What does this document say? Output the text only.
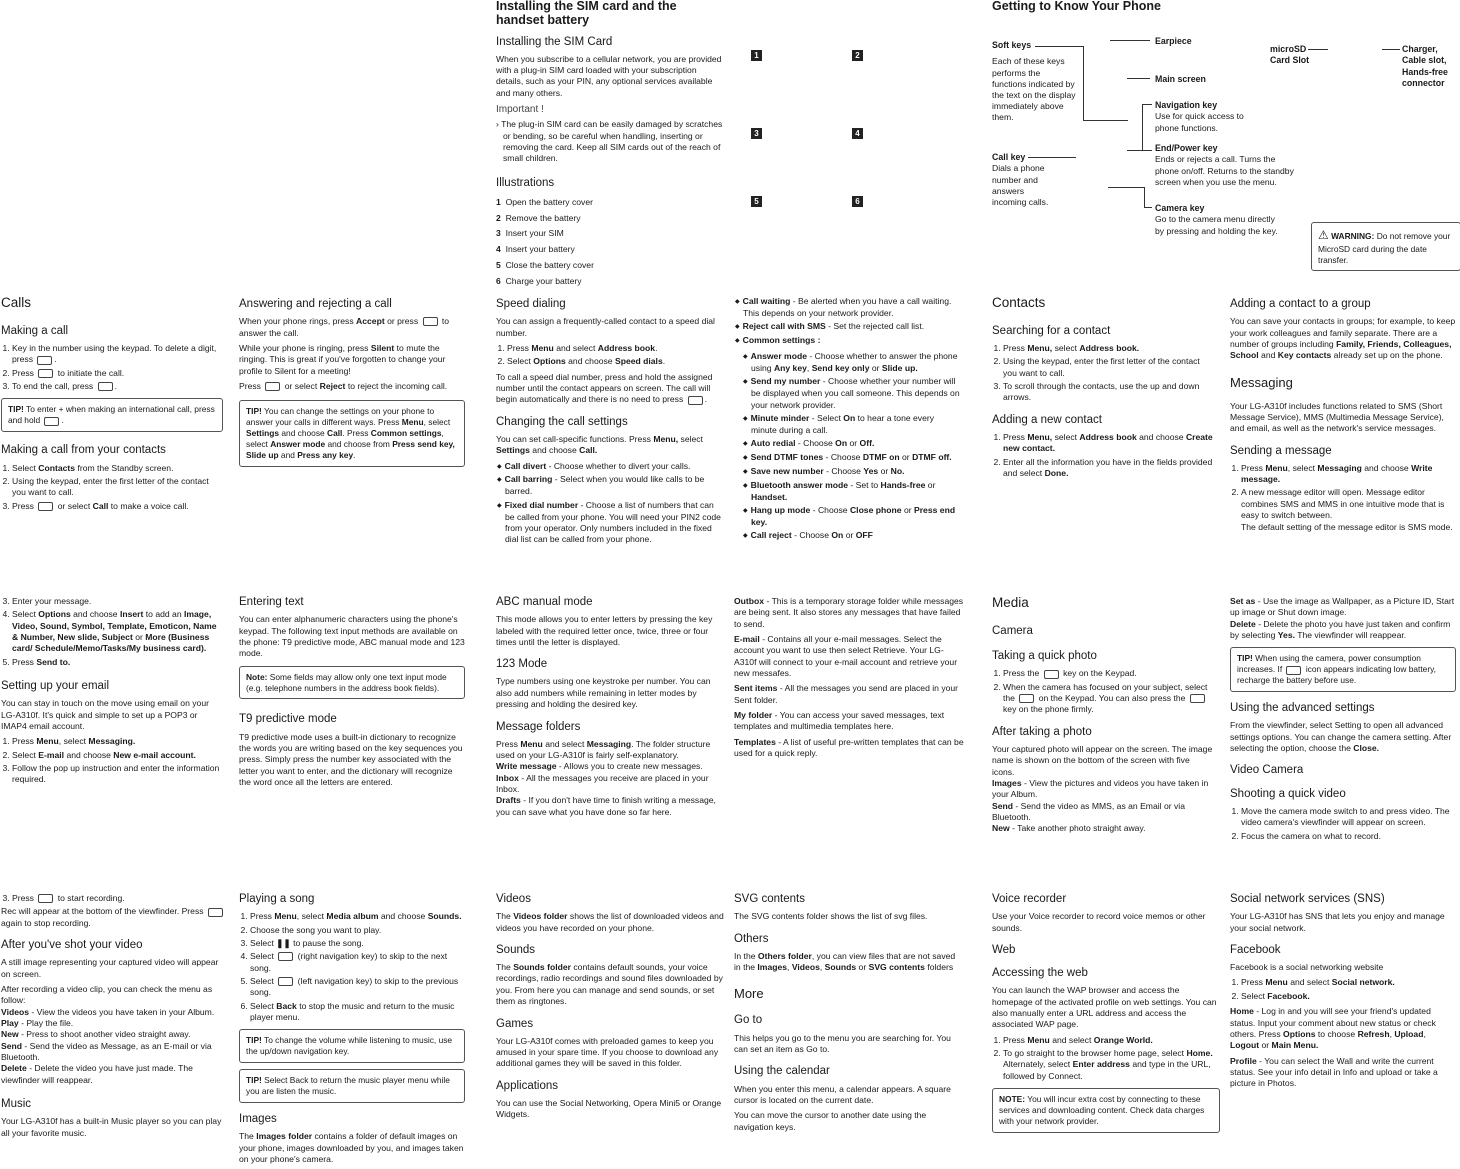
Installing the SIM card and the handset battery
Installing the SIM Card

When you subscribe to a cellular network, you are provided with a plug-in SIM card loaded with your subscription details, such as your PIN, any optional services available and many others.

Important !

› The plug-in SIM card can be easily damaged by scratches or bending, so be careful when handling, inserting or removing the card. Keep all SIM cards out of the reach of small children.

Illustrations
1 Open the battery cover
2 Remove the battery
3 Insert your SIM
4 Insert your battery
5 Close the battery cover
6 Charge your battery
1	2
3	4
5	6
Getting to Know Your Phone
Soft keys

Each of these keys performs the functions indicated by the text on the display immediately above them.
Call key
Dials a phone number and answers incoming calls.
Earpiece
Main screen
Navigation key
Use for quick access to phone functions.
End/Power key
Ends or rejects a call. Turns the phone on/off. Returns to the standby screen when you use the menu.
Camera key
Go to the camera menu directly by pressing and holding the key.
microSD Card Slot
Charger, Cable slot, Hands-free connector
⚠ WARNING: Do not remove your MicroSD card during the date transfer.
Calls
Making a call
1. Key in the number using the keypad. To delete a digit, press .
2. Press	to initiate the call.
3. To end the call, press .
TIP! To enter + when making an international call, press and hold	.
Making a call from your contacts
1. Select Contacts from the Standby screen.
2. Using the keypad, enter the first letter of the contact you want to call.
3. Press	or select Call to make a voice call.
Answering and rejecting a call

When your phone rings, press Accept or press	to answer the call.

While your phone is ringing, press Silent to mute the ringing. This is great if you've forgotten to change your profile to Silent for a meeting!

Press	or select Reject to reject the incoming call.

TIP! You can change the settings on your phone to answer your calls in different ways. Press Menu, select Settings and choose Call. Press Common settings, select Answer mode and choose from Press send key, Slide up and Press any key.
Speed dialing

You can assign a frequently-called contact to a speed dial number.

1. Press Menu and select Address book.
2. Select Options and choose Speed dials.

To call a speed dial number, press and hold the assigned number until the contact appears on screen. The call will begin automatically and there is no need to press .

Changing the call settings

You can set call-specific functions. Press Menu, select Settings and choose Call.

◆ Call divert - Choose whether to divert your calls.
◆ Call barring - Select when you would like calls to be barred.
◆ Fixed dial number - Choose a list of numbers that can be called from your phone. You will need your PIN2 code from your operator. Only numbers included in the fixed dial list can be called from your phone.
◆ Call waiting - Be alerted when you have a call waiting. This depends on your network provider.
◆ Reject call with SMS - Set the rejected call list.
◆ Common settings :
◆ Answer mode - Choose whether to answer the phone using Any key, Send key only or Slide up.
◆ Send my number - Choose whether your number will be displayed when you call someone. This depends on your network provider.
◆ Minute minder - Select On to hear a tone every minute during a call.
◆ Auto redial - Choose On or Off.
◆ Send DTMF tones - Choose DTMF on or DTMF off.
◆ Save new number - Choose Yes or No.
◆ Bluetooth answer mode - Set to Hands-free or Handset.
◆ Hang up mode - Choose Close phone or Press end key.
◆ Call reject - Choose On or OFF
Contacts
Searching for a contact
1. Press Menu, select Address book.
2. Using the keypad, enter the first letter of the contact you want to call.
3. To scroll through the contacts, use the up and down arrows.
Adding a new contact
1. Press Menu, select Address book and choose Create new contact.
2. Enter all the information you have in the fields provided and select Done.
Adding a contact to a group

You can save your contacts in groups; for example, to keep your work colleagues and family separate. There are a number of groups including Family, Friends, Colleagues, School and Key contacts already set up on the phone.

Messaging

Your LG-A310f includes functions related to SMS (Short Message Service), MMS (Multimedia Message Service), and email, as well as the network's service messages.

Sending a message
1. Press Menu, select Messaging and choose Write message.
2. A new message editor will open. Message editor combines SMS and MMS in one intuitive mode that is easy to switch between.
The default setting of the message editor is SMS mode.
3. Enter your message.
4. Select Options and choose Insert to add an Image, Video, Sound, Symbol, Template, Emoticon, Name & Number, New slide, Subject or More (Business card/ Schedule/Memo/Tasks/My business card).
5. Press Send to.
Setting up your email

You can stay in touch on the move using email on your LG-A310f. It's quick and simple to set up a POP3 or IMAP4 email account.

1. Press Menu, select Messaging.
2. Select E-mail and choose New e-mail account.
3. Follow the pop up instruction and enter the information required.
Entering text

You can enter alphanumeric characters using the phone's keypad. The following text input methods are available on the phone: T9 predictive mode, ABC manual mode and 123 mode.

Note: Some fields may allow only one text input mode (e.g. telephone numbers in the address book fields).
T9 predictive mode

T9 predictive mode uses a built-in dictionary to recognize the words you are writing based on the key sequences you press. Simply press the number key associated with the letter you want to enter, and the dictionary will recognize the word once all the letters are entered.

ABC manual mode

This mode allows you to enter letters by pressing the key labeled with the required letter once, twice, three or four times until the letter is displayed.

123 Mode

Type numbers using one keystroke per number. You can also add numbers while remaining in letter modes by pressing and holding the desired key.

Message folders

Press Menu and select Messaging. The folder structure used on your LG-A310f is fairly self-explanatory.
Write message - Allows you to create new messages.
Inbox - All the messages you receive are placed in your Inbox.
Drafts - If you don't have time to finish writing a message, you can save what you have done so far here.

Outbox - This is a temporary storage folder while messages are being sent. It also stores any messages that have failed to send.

E-mail - Contains all your e-mail messages. Select the account you want to use then select Retrieve. Your LG-A310f will connect to your e-mail account and retrieve your new messafes.

Sent items - All the messages you send are placed in your Sent folder.

My folder - You can access your saved messages, text templates and multimedia templates here.

Templates - A list of useful pre-written templates that can be used for a quick reply.

Media
Camera
Taking a quick photo
1. Press the	key on the Keypad.
2. When the camera has focused on your subject, select the	on the Keypad. You can also press the  key on the phone firmly.
After taking a photo

Your captured photo will appear on the screen. The image name is shown on the bottom of the screen with five icons.
Images - View the pictures and videos you have taken in your Album.
Send - Send the video as MMS, as an Email or via Bluetooth.
New - Take another photo straight away.

Set as - Use the image as Wallpaper, as a Picture ID, Start up image or Shut down image.
Delete - Delete the photo you have just taken and confirm by selecting Yes. The viewfinder will reappear.

TIP! When using the camera, power consumption increases. If	icon appears indicating low battery, recharge the battery before use.
Using the advanced settings

From the viewfinder, select Setting to open all advanced settings options. You can change the camera setting. After selecting the option, choose the Close.

Video Camera
Shooting a quick video
1. Move the camera mode switch to and press video. The video camera's viewfinder will appear on screen.
2. Focus the camera on what to record.
3. Press	to start recording.

Rec will appear at the bottom of the viewfinder. Press  again to stop recording.

After you've shot your video

A still image representing your captured video will appear on screen.

After recording a video clip, you can check the menu as follow:
Videos - View the videos you have taken in your Album.
Play - Play the file.
New - Press to shoot another video straight away.
Send - Send the video as Message, as an E-mail or via Bluetooth.
Delete - Delete the video you have just made. The viewfinder will reappear.

Music

Your LG-A310f has a built-in Music player so you can play all your favorite music.

Playing a song
1. Press Menu, select Media album and choose Sounds.
2. Choose the song you want to play.
3. Select ❚❚ to pause the song.
4. Select	(right navigation key) to skip to the next song.
5. Select	(left navigation key) to skip to the previous song.
6. Select Back to stop the music and return to the music player menu.
TIP! To change the volume while listening to music, use the up/down navigation key.
TIP! Select Back to return the music player menu while you are listen the music.
Images

The Images folder contains a folder of default images on your phone, images downloaded by you, and images taken on your phone's camera.

Videos

The Videos folder shows the list of downloaded videos and videos you have recorded on your phone.

Sounds

The Sounds folder contains default sounds, your voice recordings, radio recordings and sound files downloaded by you. From here you can manage and send sounds, or set them as ringtones.

Games

Your LG-A310f comes with preloaded games to keep you amused in your spare time. If you choose to download any additional games they will be saved in this folder.

Applications

You can use the Social Networking, Opera Mini5 or Orange Widgets.

SVG contents

The SVG contents folder shows the list of svg files.

Others

In the Others folder, you can view files that are not saved in the Images, Videos, Sounds or SVG contents folders

More
Go to

This helps you go to the menu you are searching for. You can set an item as Go to.

Using the calendar

When you enter this menu, a calendar appears. A square cursor is located on the current date.

You can move the cursor to another date using the navigation keys.

Voice recorder

Use your Voice recorder to record voice memos or other sounds.

Web
Accessing the web

You can launch the WAP browser and access the homepage of the activated profile on web settings. You can also manually enter a URL address and access the associated WAP page.

1. Press Menu and select Orange World.
2. To go straight to the browser home page, select Home. Alternately, select Enter address and type in the URL, followed by Connect.
NOTE: You will incur extra cost by connecting to these services and downloading content. Check data charges with your network provider.
Social network services (SNS)

Your LG-A310f has SNS that lets you enjoy and manage your social network.

Facebook

Facebook is a social networking website

1. Press Menu and select Social network.
2. Select Facebook.

Home - Log in and you will see your friend's updated status. Input your comment about new status or check others. Press Options to choose Refresh, Upload, Logout or Main Menu.

Profile - You can select the Wall and write the current status. See your info detail in Info and upload or take a picture in Photos.
